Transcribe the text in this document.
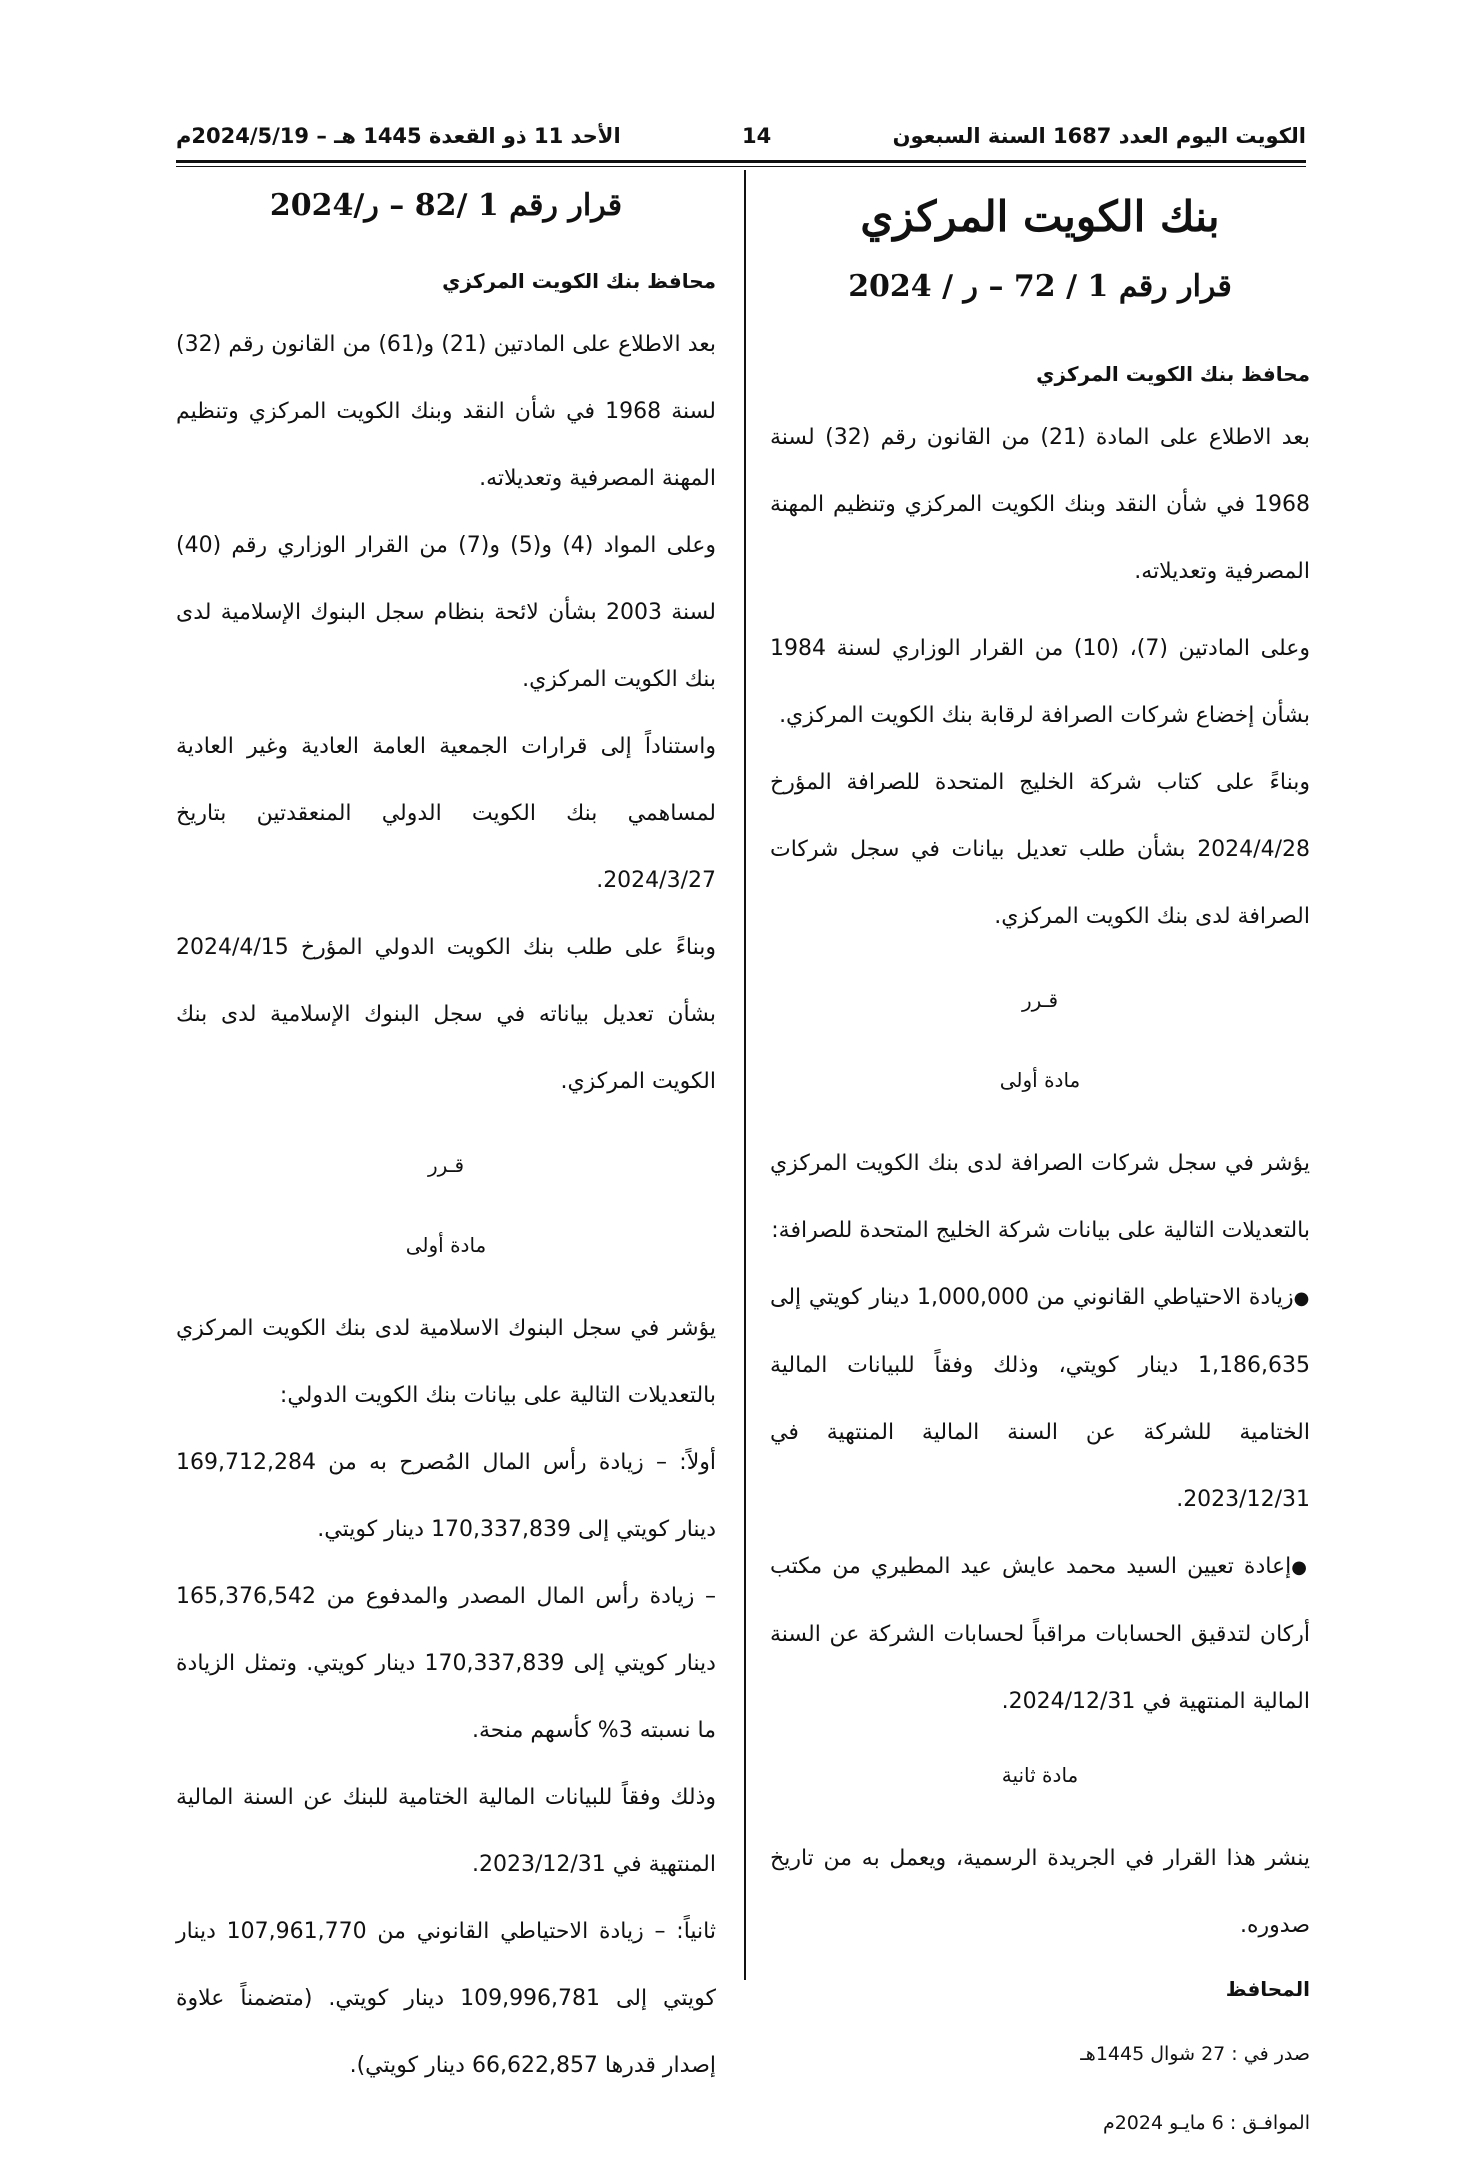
الكويت اليوم العدد 1687 السنة السبعون
14
الأحد 11 ذو القعدة 1445 هـ – 2024/5/19م
بنك الكويت المركزي
قرار رقم 1 / 72 – ر / 2024

محافظ بنك الكويت المركزي

بعد الاطلاع على المادة (21) من القانون رقم (32) لسنة 1968 في شأن النقد وبنك الكويت المركزي وتنظيم المهنة المصرفية وتعديلاته.

وعلى المادتين (7)، (10) من القرار الوزاري لسنة 1984 بشأن إخضاع شركات الصرافة لرقابة بنك الكويت المركزي.

وبناءً على كتاب شركة الخليج المتحدة للصرافة المؤرخ 2024/4/28 بشأن طلب تعديل بيانات في سجل شركات الصرافة لدى بنك الكويت المركزي.

قـرر

مادة أولى

يؤشر في سجل شركات الصرافة لدى بنك الكويت المركزي بالتعديلات التالية على بيانات شركة الخليج المتحدة للصرافة:

● زيادة الاحتياطي القانوني من 1,000,000 دينار كويتي إلى 1,186,635 دينار كويتي، وذلك وفقاً للبيانات المالية الختامية للشركة عن السنة المالية المنتهية في 2023/12/31.

● إعادة تعيين السيد محمد عايش عيد المطيري من مكتب أركان لتدقيق الحسابات مراقباً لحسابات الشركة عن السنة المالية المنتهية في 2024/12/31.

مادة ثانية

ينشر هذا القرار في الجريدة الرسمية، ويعمل به من تاريخ صدوره.

المحافظ

صدر في : 27 شوال 1445هـ

الموافـق : 6 مايـو 2024م

قرار رقم 1 /82 – ر/2024

محافظ بنك الكويت المركزي

بعد الاطلاع على المادتين (21) و(61) من القانون رقم (32) لسنة 1968 في شأن النقد وبنك الكويت المركزي وتنظيم المهنة المصرفية وتعديلاته.

وعلى المواد (4) و(5) و(7) من القرار الوزاري رقم (40) لسنة 2003 بشأن لائحة بنظام سجل البنوك الإسلامية لدى بنك الكويت المركزي.

واستناداً إلى قرارات الجمعية العامة العادية وغير العادية لمساهمي بنك الكويت الدولي المنعقدتين بتاريخ 2024/3/27.

وبناءً على طلب بنك الكويت الدولي المؤرخ 2024/4/15 بشأن تعديل بياناته في سجل البنوك الإسلامية لدى بنك الكويت المركزي.

قـرر

مادة أولى

يؤشر في سجل البنوك الاسلامية لدى بنك الكويت المركزي بالتعديلات التالية على بيانات بنك الكويت الدولي:

أولاً: – زيادة رأس المال المُصرح به من 169,712,284 دينار كويتي إلى 170,337,839 دينار كويتي.

– زيادة رأس المال المصدر والمدفوع من 165,376,542 دينار كويتي إلى 170,337,839 دينار كويتي. وتمثل الزيادة ما نسبته 3% كأسهم منحة.

وذلك وفقاً للبيانات المالية الختامية للبنك عن السنة المالية المنتهية في 2023/12/31.

ثانياً: – زيادة الاحتياطي القانوني من 107,961,770 دينار كويتي إلى 109,996,781 دينار كويتي. (متضمناً علاوة إصدار قدرها 66,622,857 دينار كويتي).
